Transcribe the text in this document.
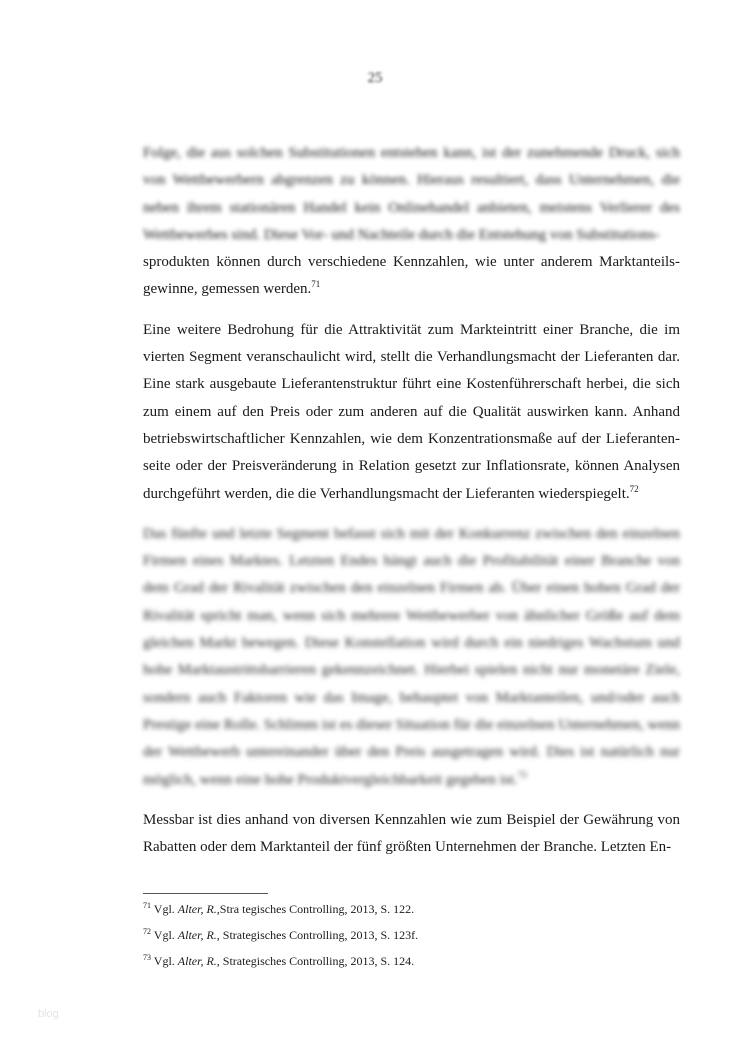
25

Folge, die aus solchen Substitutionen entstehen kann, ist der zunehmende Druck, sich von Wettbewerbern abgrenzen zu können. Hieraus resultiert, dass Unternehmen, die neben ihrem stationären Handel kein Onlinehandel anbieten, meistens Verlierer des Wettbewerbes sind. Diese Vor- und Nachteile durch die Entstehung von Substitutions-
sprodukten können durch verschiedene Kennzahlen, wie unter anderem Marktanteils-gewinne, gemessen werden.$^{71}$

Eine weitere Bedrohung für die Attraktivität zum Markteintritt einer Branche, die im vierten Segment veranschaulicht wird, stellt die Verhandlungsmacht der Lieferanten dar. Eine stark ausgebaute Lieferantenstruktur führt eine Kostenführerschaft herbei, die sich zum einem auf den Preis oder zum anderen auf die Qualität auswirken kann. Anhand betriebswirtschaftlicher Kennzahlen, wie dem Konzentrationsmaße auf der Lieferanten-seite oder der Preisveränderung in Relation gesetzt zur Inflationsrate, können Analysen durchgeführt werden, die die Verhandlungsmacht der Lieferanten wiederspiegelt.$^{72}$

Das fünfte und letzte Segment befasst sich mit der Konkurrenz zwischen den einzelnen Firmen eines Marktes. Letzten Endes hängt auch die Profitabilität einer Branche von dem Grad der Rivalität zwischen den einzelnen Firmen ab. Über einen hohen Grad der Rivalität spricht man, wenn sich mehrere Wettbewerber von ähnlicher Größe auf dem gleichen Markt bewegen. Diese Konstellation wird durch ein niedriges Wachstum und hohe Marktaustrittsbarrieren gekennzeichnet. Hierbei spielen nicht nur monetäre Ziele, sondern auch Faktoren wie das Image, behauptet von Marktanteilen, und/oder auch Prestige eine Rolle. Schlimm ist es dieser Situation für die einzelnen Unternehmen, wenn der Wettbewerb untereinander über den Preis ausgetragen wird. Dies ist natürlich nur möglich, wenn eine hohe Produktvergleichbarkeit gegeben ist.$^{73}$

Messbar ist dies anhand von diversen Kennzahlen wie zum Beispiel der Gewährung von Rabatten oder dem Marktanteil der fünf größten Unternehmen der Branche. Letzten En-

$^{71}$ Vgl. Alter, R.,Stra tegisches Controlling, 2013, S. 122.
$^{72}$ Vgl. Alter, R., Strategisches Controlling, 2013, S. 123f.
$^{73}$ Vgl. Alter, R., Strategisches Controlling, 2013, S. 124.
blog
